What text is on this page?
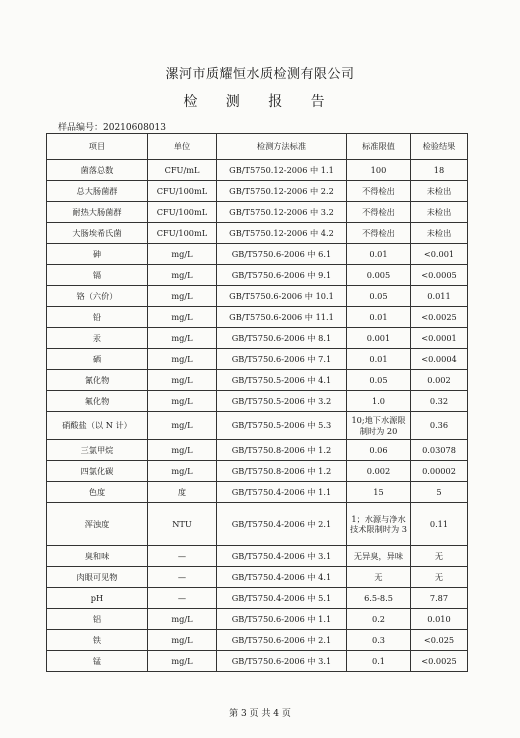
漯河市质耀恒水质检测有限公司
检 测 报 告
样品编号：20210608013
项目	单位	检测方法标准	标准限值	检验结果
菌落总数	CFU/mL	GB/T5750.12-2006 中 1.1	100	18
总大肠菌群	CFU/100mL	GB/T5750.12-2006 中 2.2	不得检出	未检出
耐热大肠菌群	CFU/100mL	GB/T5750.12-2006 中 3.2	不得检出	未检出
大肠埃希氏菌	CFU/100mL	GB/T5750.12-2006 中 4.2	不得检出	未检出
砷	mg/L	GB/T5750.6-2006 中 6.1	0.01	<0.001
镉	mg/L	GB/T5750.6-2006 中 9.1	0.005	<0.0005
铬（六价）	mg/L	GB/T5750.6-2006 中 10.1	0.05	0.011
铅	mg/L	GB/T5750.6-2006 中 11.1	0.01	<0.0025
汞	mg/L	GB/T5750.6-2006 中 8.1	0.001	<0.0001
硒	mg/L	GB/T5750.6-2006 中 7.1	0.01	<0.0004
氰化物	mg/L	GB/T5750.5-2006 中 4.1	0.05	0.002
氟化物	mg/L	GB/T5750.5-2006 中 3.2	1.0	0.32
硝酸盐（以 N 计）	mg/L	GB/T5750.5-2006 中 5.3	10;地下水源限制时为 20	0.36
三氯甲烷	mg/L	GB/T5750.8-2006 中 1.2	0.06	0.03078
四氯化碳	mg/L	GB/T5750.8-2006 中 1.2	0.002	0.00002
色度	度	GB/T5750.4-2006 中 1.1	15	5
浑浊度	NTU	GB/T5750.4-2006 中 2.1	1；水源与净水技术限制时为 3	0.11
臭和味	—	GB/T5750.4-2006 中 3.1	无异臭，异味	无
肉眼可见物	—	GB/T5750.4-2006 中 4.1	无	无
pH	—	GB/T5750.4-2006 中 5.1	6.5-8.5	7.87
铝	mg/L	GB/T5750.6-2006 中 1.1	0.2	0.010
铁	mg/L	GB/T5750.6-2006 中 2.1	0.3	<0.025
锰	mg/L	GB/T5750.6-2006 中 3.1	0.1	<0.0025
第 3 页 共 4 页
